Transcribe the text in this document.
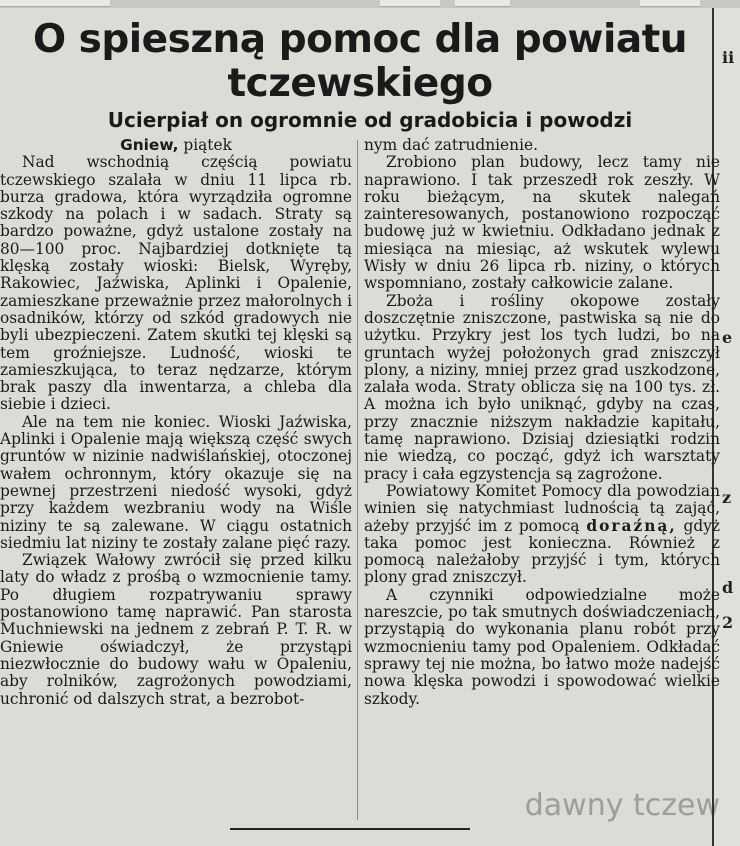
ii
e
z
d
2
O spieszną pomoc dla powiatu tczewskiego
Ucierpiał on ogromnie od gradobicia i powodzi

Gniew, piątek

Nad wschodnią częścią powiatu tczewskiego szalała w dniu 11 lipca rb. burza gradowa, która wyrządziła ogromne szkody na polach i w sadach. Straty są bardzo poważne, gdyż ustalone zostały na 80—100 proc. Najbardziej dotknięte tą klęską zostały wioski: Bielsk, Wyręby, Rakowiec, Jaźwiska, Aplinki i Opalenie, zamieszkane przeważnie przez małorolnych i osadników, którzy od szkód gradowych nie byli ubezpieczeni. Zatem skutki tej klęski są tem groźniejsze. Ludność, wioski te zamieszkująca, to teraz nędzarze, którym brak paszy dla inwentarza, a chleba dla siebie i dzieci.

Ale na tem nie koniec. Wioski Jaźwiska, Aplinki i Opalenie mają większą część swych gruntów w nizinie nadwiślańskiej, otoczonej wałem ochronnym, który okazuje się na pewnej przestrzeni niedość wysoki, gdyż przy każdem wezbraniu wody na Wiśle niziny te są zalewane. W ciągu ostatnich siedmiu lat niziny te zostały zalane pięć razy.

Związek Wałowy zwrócił się przed kilku laty do władz z prośbą o wzmocnienie tamy. Po długiem rozpatrywaniu sprawy postanowiono tamę naprawić. Pan starosta Muchniewski na jednem z zebrań P. T. R. w Gniewie oświadczył, że przystąpi niezwłocznie do budowy wału w Opaleniu, aby rolników, zagrożonych powodziami, uchronić od dalszych strat, a bezrobot-

nym dać zatrudnienie.

Zrobiono plan budowy, lecz tamy nie naprawiono. I tak przeszedł rok zeszły. W roku bieżącym, na skutek nalegań zainteresowanych, postanowiono rozpocząć budowę już w kwietniu. Odkładano jednak z miesiąca na miesiąc, aż wskutek wylewu Wisły w dniu 26 lipca rb. niziny, o których wspomniano, zostały całkowicie zalane.

Zboża i rośliny okopowe zostały doszczętnie zniszczone, pastwiska są nie do użytku. Przykry jest los tych ludzi, bo na gruntach wyżej położonych grad zniszczył plony, a niziny, mniej przez grad uszkodzone, zalała woda. Straty oblicza się na 100 tys. zł. A można ich było uniknąć, gdyby na czas, przy znacznie niższym nakładzie kapitału, tamę naprawiono. Dzisiaj dziesiątki rodzin nie wiedzą, co począć, gdyż ich warsztaty pracy i cała egzystencja są zagrożone.

Powiatowy Komitet Pomocy dla powodzian winien się natychmiast ludnością tą zająć, ażeby przyjść im z pomocą doraźną, gdyż taka pomoc jest konieczna. Również z pomocą należałoby przyjść i tym, których plony grad zniszczył.

A czynniki odpowiedzialne może nareszcie, po tak smutnych doświadczeniach, przystąpią do wykonania planu robót przy wzmocnieniu tamy pod Opaleniem. Odkładać sprawy tej nie można, bo łatwo może nadejść nowa klęska powodzi i spowodować wielkie szkody.

dawny tczew
